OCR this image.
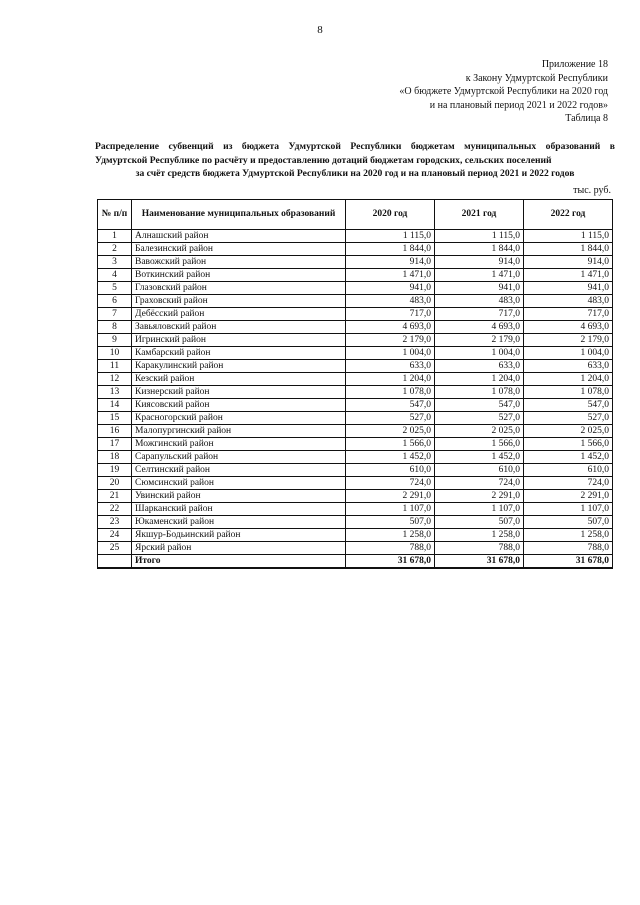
8
Приложение 18
к Закону Удмуртской Республики
«О бюджете Удмуртской Республики на 2020 год
и на плановый период 2021 и 2022 годов»
Таблица 8
Распределение субвенций из бюджета Удмуртской Республики бюджетам муниципальных образований в
Удмуртской Республике по расчёту и предоставлению дотаций бюджетам городских, сельских поселений
за счёт средств бюджета Удмуртской Республики на 2020 год и на плановый период 2021 и 2022 годов
тыс. руб.
№ п/п	Наименование муниципальных образований	2020 год	2021 год	2022 год
1	Алнашский район	1 115,0	1 115,0	1 115,0
2	Балезинский район	1 844,0	1 844,0	1 844,0
3	Вавожский район	914,0	914,0	914,0
4	Воткинский район	1 471,0	1 471,0	1 471,0
5	Глазовский район	941,0	941,0	941,0
6	Граховский район	483,0	483,0	483,0
7	Дебёсский район	717,0	717,0	717,0
8	Завьяловский район	4 693,0	4 693,0	4 693,0
9	Игринский район	2 179,0	2 179,0	2 179,0
10	Камбарский район	1 004,0	1 004,0	1 004,0
11	Каракулинский район	633,0	633,0	633,0
12	Кезский район	1 204,0	1 204,0	1 204,0
13	Кизнерский район	1 078,0	1 078,0	1 078,0
14	Киясовский район	547,0	547,0	547,0
15	Красногорский район	527,0	527,0	527,0
16	Малопургинский район	2 025,0	2 025,0	2 025,0
17	Можгинский район	1 566,0	1 566,0	1 566,0
18	Сарапульский район	1 452,0	1 452,0	1 452,0
19	Селтинский район	610,0	610,0	610,0
20	Сюмсинский район	724,0	724,0	724,0
21	Увинский район	2 291,0	2 291,0	2 291,0
22	Шарканский район	1 107,0	1 107,0	1 107,0
23	Юкаменский район	507,0	507,0	507,0
24	Якшур-Бодьинский район	1 258,0	1 258,0	1 258,0
25	Ярский район	788,0	788,0	788,0
	Итого	31 678,0	31 678,0	31 678,0
